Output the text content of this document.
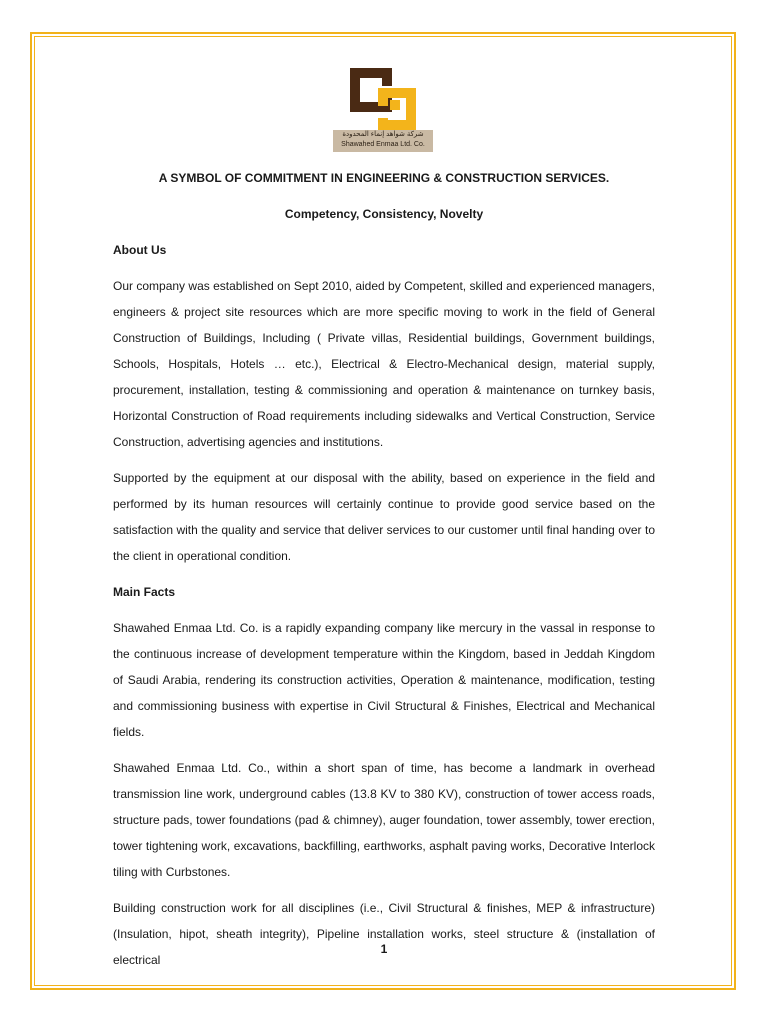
شركة شواهد إنماء المحدودة
Shawahed Enmaa Ltd. Co.

A SYMBOL OF COMMITMENT IN ENGINEERING & CONSTRUCTION SERVICES.

Competency, Consistency, Novelty

About Us

Our company was established on Sept 2010, aided by Competent, skilled and experienced managers, engineers & project site resources which are more specific moving to work in the field of General Construction of Buildings, Including ( Private villas, Residential buildings, Government buildings, Schools, Hospitals, Hotels … etc.), Electrical & Electro-Mechanical design, material supply, procurement, installation, testing & commissioning and operation & maintenance on turnkey basis, Horizontal Construction of Road requirements including sidewalks and Vertical Construction, Service Construction, advertising agencies and institutions.

Supported by the equipment at our disposal with the ability, based on experience in the field and performed by its human resources will certainly continue to provide good service based on the satisfaction with the quality and service that deliver services to our customer until final handing over to the client in operational condition.

Main Facts

Shawahed Enmaa Ltd. Co. is a rapidly expanding company like mercury in the vassal in response to the continuous increase of development temperature within the Kingdom, based in Jeddah Kingdom of Saudi Arabia, rendering its construction activities, Operation & maintenance, modification, testing and commissioning business with expertise in Civil Structural & Finishes, Electrical and Mechanical fields.

Shawahed Enmaa Ltd. Co., within a short span of time, has become a landmark in overhead transmission line work, underground cables (13.8 KV to 380 KV), construction of tower access roads, structure pads, tower foundations (pad & chimney), auger foundation, tower assembly, tower erection, tower tightening work, excavations, backfilling, earthworks, asphalt paving works, Decorative Interlock tiling with Curbstones.

Building construction work for all disciplines (i.e., Civil Structural & finishes, MEP & infrastructure) (Insulation, hipot, sheath integrity), Pipeline installation works, steel structure & (installation of electrical

1
